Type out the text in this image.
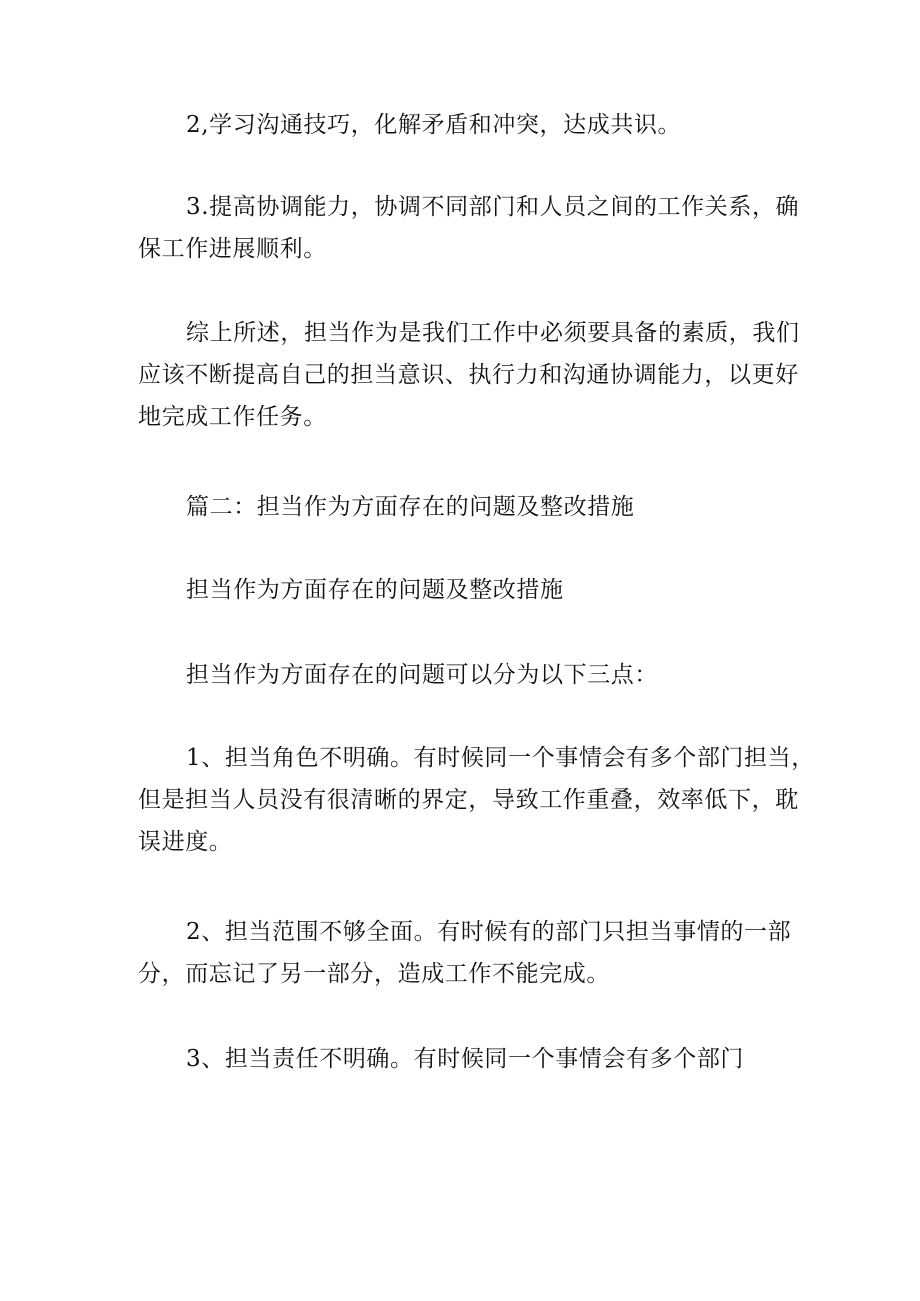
2,学习沟通技巧，化解矛盾和冲突，达成共识。

3.提高协调能力，协调不同部门和人员之间的工作关系，确
保工作进展顺利。

综上所述，担当作为是我们工作中必须要具备的素质，我们
应该不断提高自己的担当意识、执行力和沟通协调能力，以更好
地完成工作任务。

篇二：担当作为方面存在的问题及整改措施

担当作为方面存在的问题及整改措施

担当作为方面存在的问题可以分为以下三点：

1、担当角色不明确。有时候同一个事情会有多个部门担当，
但是担当人员没有很清晰的界定，导致工作重叠，效率低下，耽
误进度。

2、担当范围不够全面。有时候有的部门只担当事情的一部
分，而忘记了另一部分，造成工作不能完成。

3、担当责任不明确。有时候同一个事情会有多个部门
